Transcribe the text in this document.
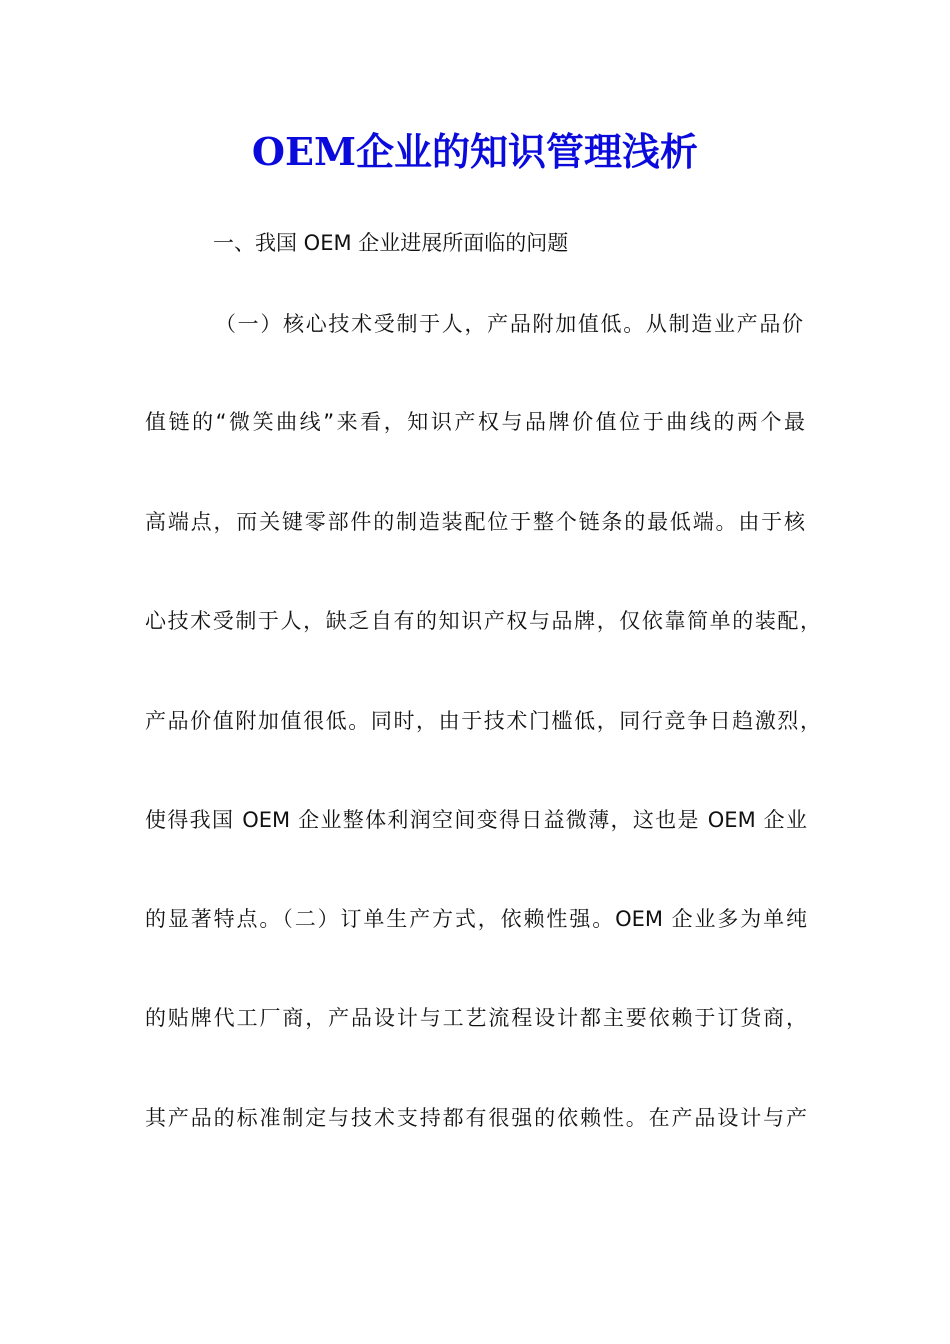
OEM企业的知识管理浅析
一、我国 OEM 企业进展所面临的问题
（一）核心技术受制于人，产品附加值低。从制造业产品价
值链的“微笑曲线”来看，知识产权与品牌价值位于曲线的两个最
高端点，而关键零部件的制造装配位于整个链条的最低端。由于核
心技术受制于人，缺乏自有的知识产权与品牌，仅依靠简单的装配，
产品价值附加值很低。同时，由于技术门槛低，同行竞争日趋激烈，
使得我国 OEM 企业整体利润空间变得日益微薄，这也是 OEM 企业
的显著特点。（二）订单生产方式，依赖性强。OEM 企业多为单纯
的贴牌代工厂商，产品设计与工艺流程设计都主要依赖于订货商，
其产品的标准制定与技术支持都有很强的依赖性。在产品设计与产
